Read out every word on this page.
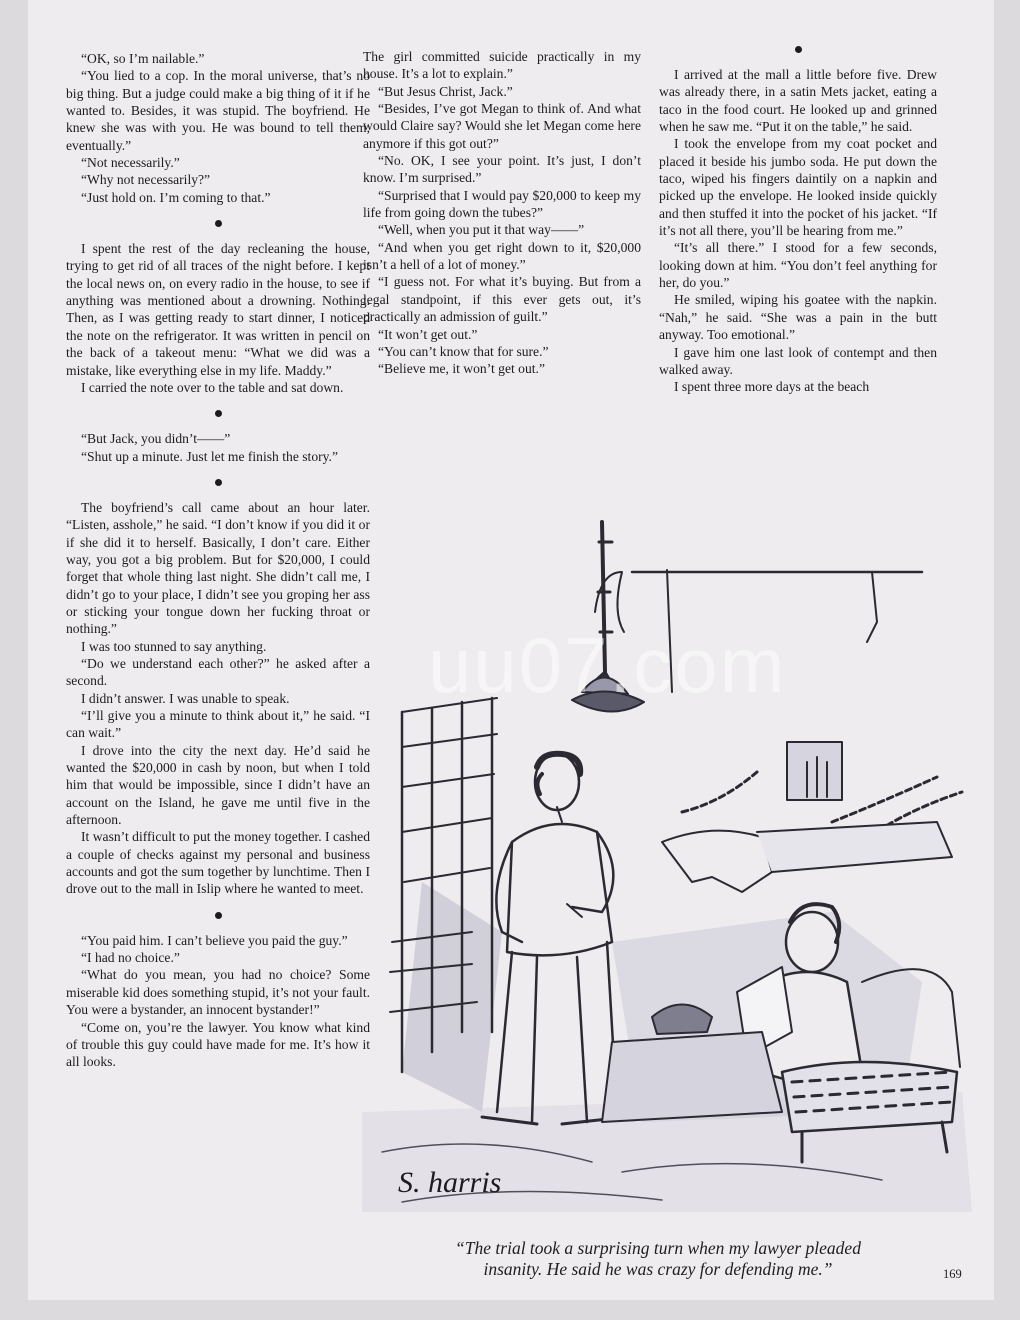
“OK, so I’m nailable.”

“You lied to a cop. In the moral universe, that’s no big thing. But a judge could make a big thing of it if he wanted to. Besides, it was stupid. The boyfriend. He knew she was with you. He was bound to tell them, eventually.”

“Not necessarily.”

“Why not necessarily?”

“Just hold on. I’m coming to that.”

I spent the rest of the day recleaning the house, trying to get rid of all traces of the night before. I kept the local news on, on every radio in the house, to see if anything was mentioned about a drowning. Nothing. Then, as I was getting ready to start dinner, I noticed the note on the refrigerator. It was written in pencil on the back of a takeout menu: “What we did was a mistake, like everything else in my life. Maddy.”

I carried the note over to the table and sat down.

“But Jack, you didn’t——”

“Shut up a minute. Just let me finish the story.”

The boyfriend’s call came about an hour later. “Listen, asshole,” he said. “I don’t know if you did it or if she did it to herself. Basically, I don’t care. Either way, you got a big problem. But for $20,000, I could forget that whole thing last night. She didn’t call me, I didn’t go to your place, I didn’t see you groping her ass or sticking your tongue down her fucking throat or nothing.”

I was too stunned to say anything.

“Do we understand each other?” he asked after a second.

I didn’t answer. I was unable to speak.

“I’ll give you a minute to think about it,” he said. “I can wait.”

I drove into the city the next day. He’d said he wanted the $20,000 in cash by noon, but when I told him that would be impossible, since I didn’t have an account on the Island, he gave me until five in the afternoon.

It wasn’t difficult to put the money together. I cashed a couple of checks against my personal and business accounts and got the sum together by lunchtime. Then I drove out to the mall in Islip where he wanted to meet.

“You paid him. I can’t believe you paid the guy.”

“I had no choice.”

“What do you mean, you had no choice? Some miserable kid does something stupid, it’s not your fault. You were a bystander, an innocent bystander!”

“Come on, you’re the lawyer. You know what kind of trouble this guy could have made for me. It’s how it all looks.

The girl committed suicide practically in my house. It’s a lot to explain.”

“But Jesus Christ, Jack.”

“Besides, I’ve got Megan to think of. And what would Claire say? Would she let Megan come here anymore if this got out?”

“No. OK, I see your point. It’s just, I don’t know. I’m surprised.”

“Surprised that I would pay $20,000 to keep my life from going down the tubes?”

“Well, when you put it that way——”

“And when you get right down to it, $20,000 isn’t a hell of a lot of money.”

“I guess not. For what it’s buying. But from a legal standpoint, if this ever gets out, it’s practically an admission of guilt.”

“It won’t get out.”

“You can’t know that for sure.”

“Believe me, it won’t get out.”

I arrived at the mall a little before five. Drew was already there, in a satin Mets jacket, eating a taco in the food court. He looked up and grinned when he saw me. “Put it on the table,” he said.

I took the envelope from my coat pocket and placed it beside his jumbo soda. He put down the taco, wiped his fingers daintily on a napkin and picked up the envelope. He looked inside quickly and then stuffed it into the pocket of his jacket. “If it’s not all there, you’ll be hearing from me.”

“It’s all there.” I stood for a few seconds, looking down at him. “You don’t feel anything for her, do you.”

He smiled, wiping his goatee with the napkin. “Nah,” he said. “She was a pain in the butt anyway. Too emotional.”

I gave him one last look of contempt and then walked away.

I spent three more days at the beach

S. harris
uu07.com
“The trial took a surprising turn when my lawyer pleaded
insanity. He said he was crazy for defending me.”	169
